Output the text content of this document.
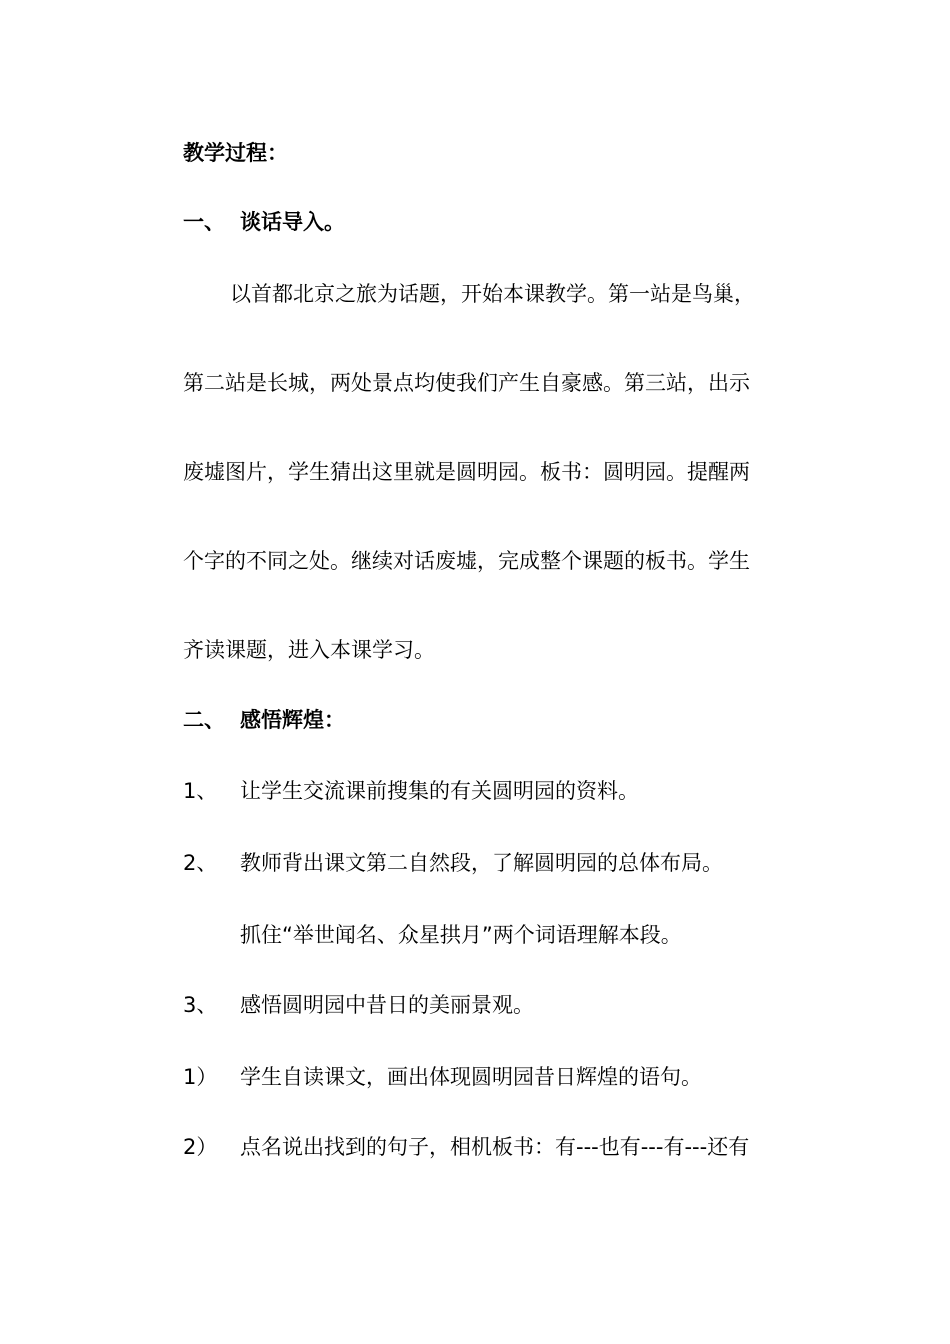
教学过程：

一、 谈话导入。

以首都北京之旅为话题，开始本课教学。第一站是鸟巢，

第二站是长城，两处景点均使我们产生自豪感。第三站，出示

废墟图片，学生猜出这里就是圆明园。板书：圆明园。提醒两

个字的不同之处。继续对话废墟，完成整个课题的板书。学生

齐读课题，进入本课学习。

二、 感悟辉煌：

1、 让学生交流课前搜集的有关圆明园的资料。

2、 教师背出课文第二自然段，了解圆明园的总体布局。

抓住“举世闻名、众星拱月”两个词语理解本段。

3、 感悟圆明园中昔日的美丽景观。

1） 学生自读课文，画出体现圆明园昔日辉煌的语句。

2） 点名说出找到的句子，相机板书：有---也有---有---还有
